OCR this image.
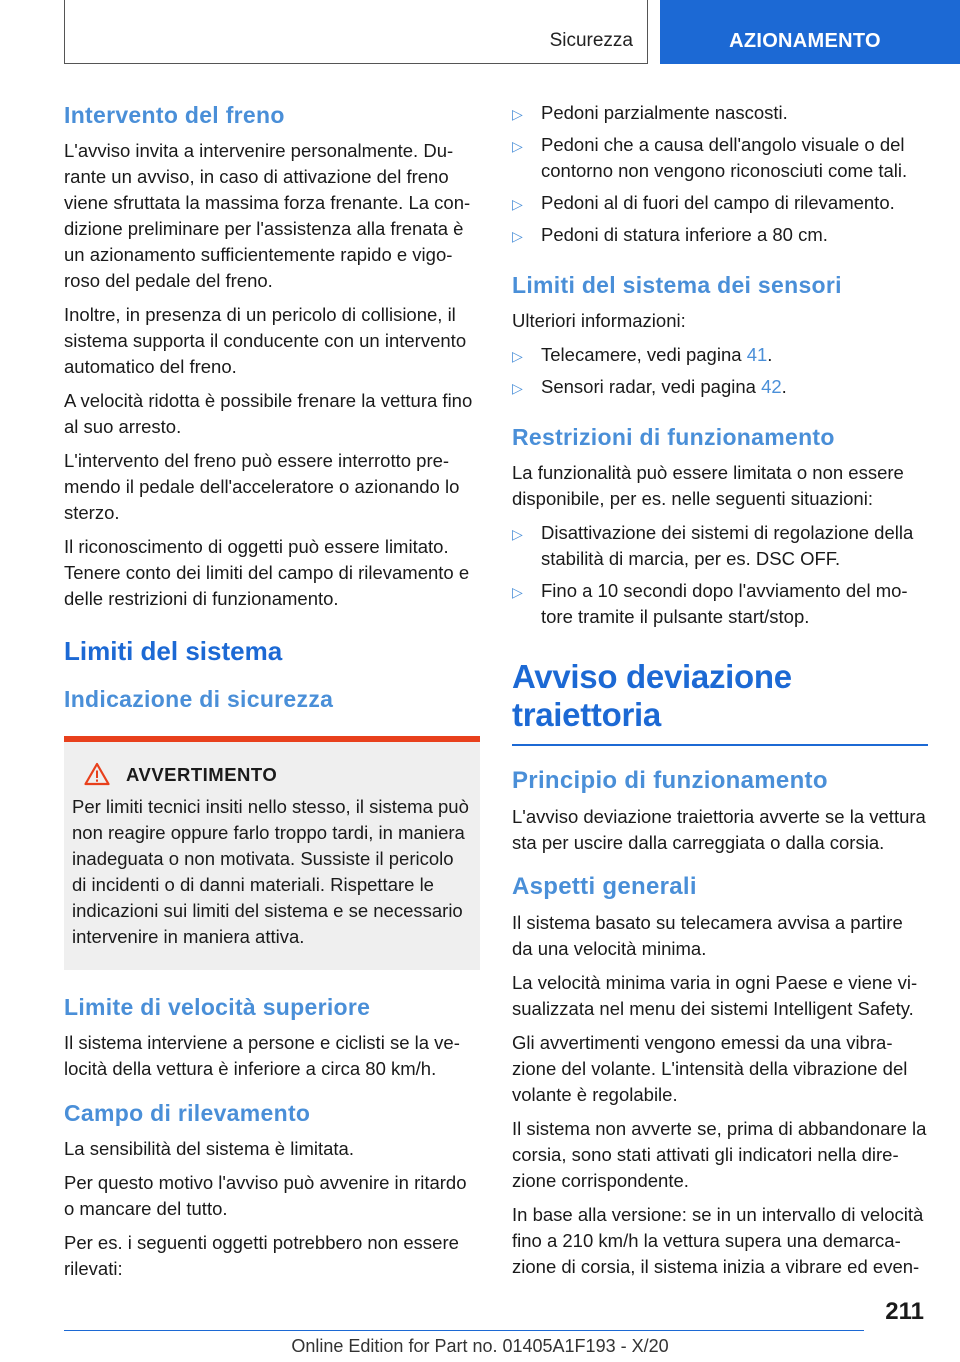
Sicurezza	AZIONAMENTO
Intervento del freno

L'avviso invita a intervenire personalmente. Durante un avviso, in caso di attivazione del freno viene sfruttata la massima forza frenante. La condizione preliminare per l'assistenza alla frenata è un azionamento sufficientemente rapido e vigoroso del pedale del freno.

Inoltre, in presenza di un pericolo di collisione, il sistema supporta il conducente con un intervento automatico del freno.

A velocità ridotta è possibile frenare la vettura fino al suo arresto.

L'intervento del freno può essere interrotto premendo il pedale dell'acceleratore o azionando lo sterzo.

Il riconoscimento di oggetti può essere limitato. Tenere conto dei limiti del campo di rilevamento e delle restrizioni di funzionamento.

Limiti del sistema
Indicazione di sicurezza
AVVERTIMENTO

Per limiti tecnici insiti nello stesso, il sistema può non reagire oppure farlo troppo tardi, in maniera inadeguata o non motivata. Sussiste il pericolo di incidenti o di danni materiali. Rispettare le indicazioni sui limiti del sistema e se necessario intervenire in maniera attiva.

Limite di velocità superiore

Il sistema interviene a persone e ciclisti se la velocità della vettura è inferiore a circa 80 km/h.

Campo di rilevamento

La sensibilità del sistema è limitata.

Per questo motivo l'avviso può avvenire in ritardo o mancare del tutto.

Per es. i seguenti oggetti potrebbero non essere rilevati:

▷ Pedoni parzialmente nascosti.
▷ Pedoni che a causa dell'angolo visuale o del contorno non vengono riconosciuti come tali.
▷ Pedoni al di fuori del campo di rilevamento.
▷ Pedoni di statura inferiore a 80 cm.
Limiti del sistema dei sensori

Ulteriori informazioni:

▷ Telecamere, vedi pagina 41.
▷ Sensori radar, vedi pagina 42.
Restrizioni di funzionamento

La funzionalità può essere limitata o non essere disponibile, per es. nelle seguenti situazioni:

▷ Disattivazione dei sistemi di regolazione della stabilità di marcia, per es. DSC OFF.
▷ Fino a 10 secondi dopo l'avviamento del motore tramite il pulsante start/stop.
Avviso deviazione
traiettoria
Principio di funzionamento

L'avviso deviazione traiettoria avverte se la vettura sta per uscire dalla carreggiata o dalla corsia.

Aspetti generali

Il sistema basato su telecamera avvisa a partire da una velocità minima.

La velocità minima varia in ogni Paese e viene visualizzata nel menu dei sistemi Intelligent Safety.

Gli avvertimenti vengono emessi da una vibrazione del volante. L'intensità della vibrazione del volante è regolabile.

Il sistema non avverte se, prima di abbandonare la corsia, sono stati attivati gli indicatori nella direzione corrispondente.

In base alla versione: se in un intervallo di velocità fino a 210 km/h la vettura supera una demarcazione di corsia, il sistema inizia a vibrare ed even-

211
Online Edition for Part no. 01405A1F193 - X/20
